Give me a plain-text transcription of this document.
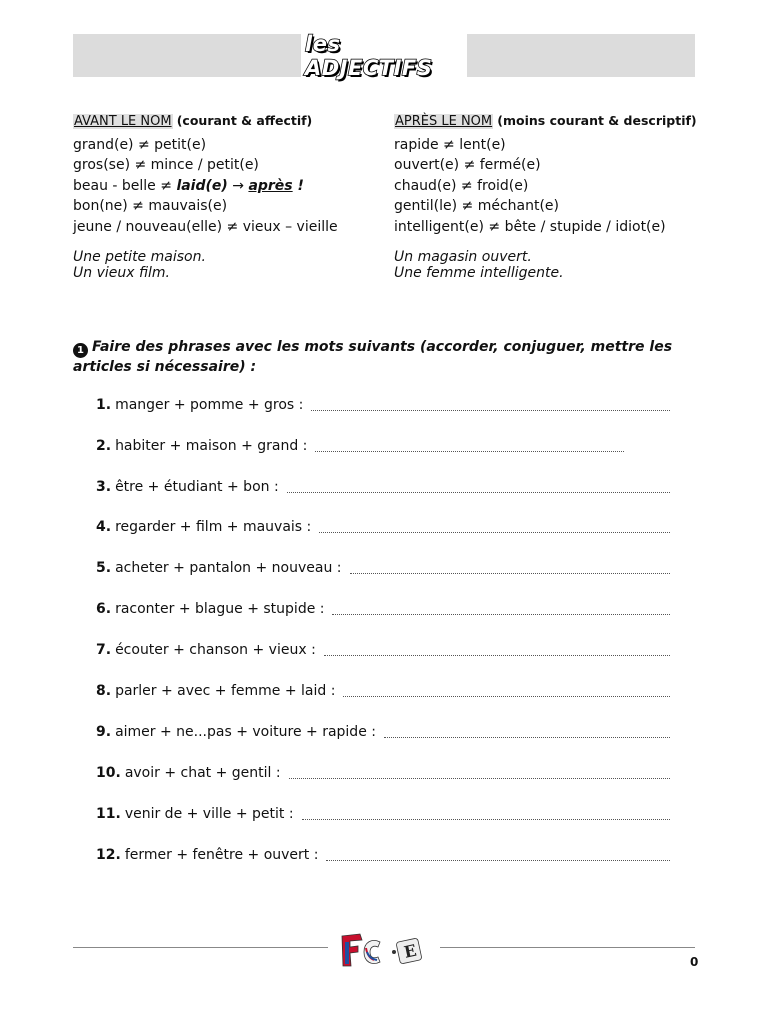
les ADJECTIFS
AVANT LE NOM (courant & affectif)
grand(e) ≠ petit(e)
gros(se) ≠ mince / petit(e)
beau - belle ≠ laid(e) → après !
bon(ne) ≠ mauvais(e)
jeune / nouveau(elle) ≠ vieux – vieille
Une petite maison.
Un vieux film.
APRÈS LE NOM (moins courant & descriptif)
rapide ≠ lent(e)
ouvert(e) ≠ fermé(e)
chaud(e) ≠ froid(e)
gentil(le) ≠ méchant(e)
intelligent(e) ≠ bête / stupide / idiot(e)
Un magasin ouvert.
Une femme intelligente.
1 Faire des phrases avec les mots suivants (accorder, conjuguer, mettre les articles si nécessaire) :
1. manger + pomme + gros :
2. habiter + maison + grand :
3. être + étudiant + bon :
4. regarder + film + mauvais :
5. acheter + pantalon + nouveau :
6. raconter + blague + stupide :
7. écouter + chanson + vieux :
8. parler + avec + femme + laid :
9. aimer + ne...pas + voiture + rapide :
10. avoir + chat + gentil :
11. venir de + ville + petit :
12. fermer + fenêtre + ouvert :
E
0
